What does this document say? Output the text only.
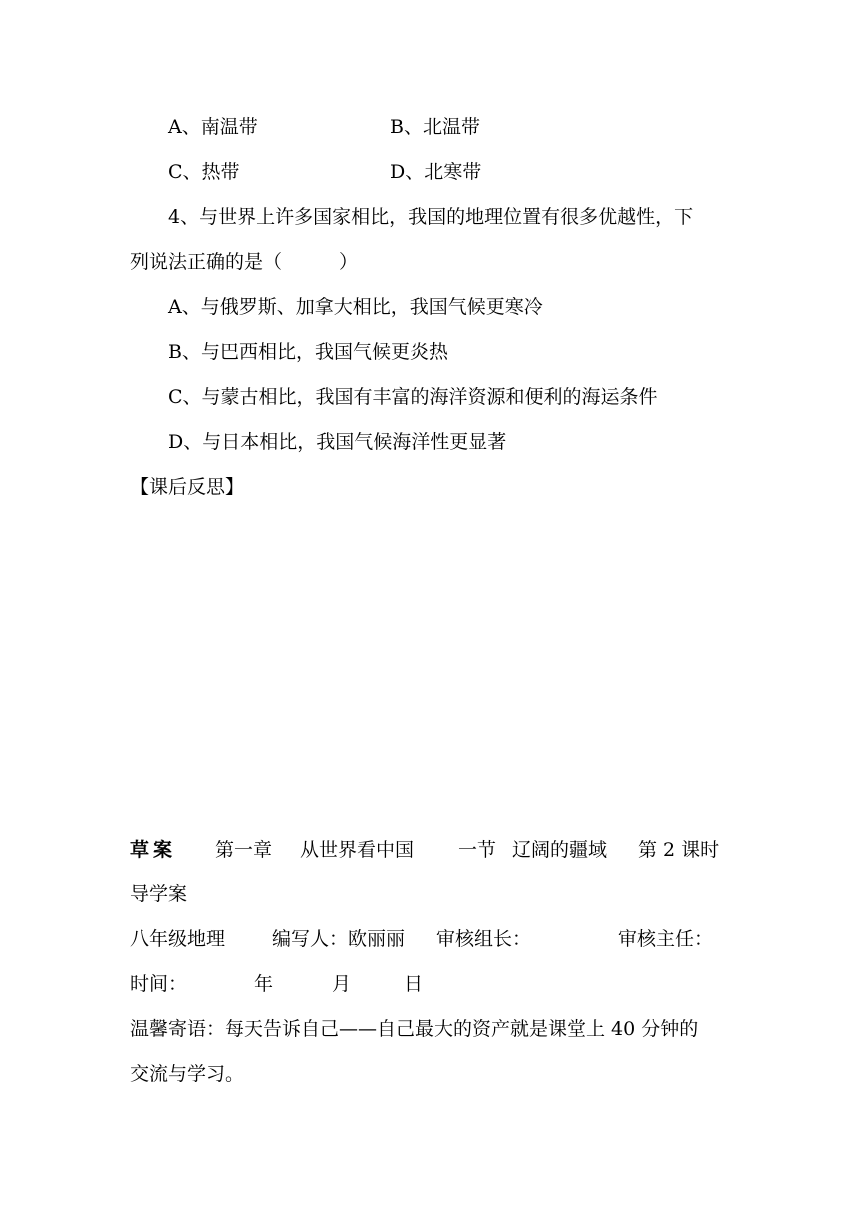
A、南温带	B、北温带
C、热带	D、北寒带
4、与世界上许多国家相比，我国的地理位置有很多优越性，下
列说法正确的是（　　　）
A、与俄罗斯、加拿大相比，我国气候更寒冷
B、与巴西相比，我国气候更炎热
C、与蒙古相比，我国有丰富的海洋资源和便利的海运条件
D、与日本相比，我国气候海洋性更显著
【课后反思】
草案 第一章 从世界看中国 一节 辽阔的疆域 第 2 课时
导学案
八年级地理 编写人：欧丽丽 审核组长：	审核主任：
时间：	年	月	日
温馨寄语：每天告诉自己——自己最大的资产就是课堂上 40 分钟的
交流与学习。
